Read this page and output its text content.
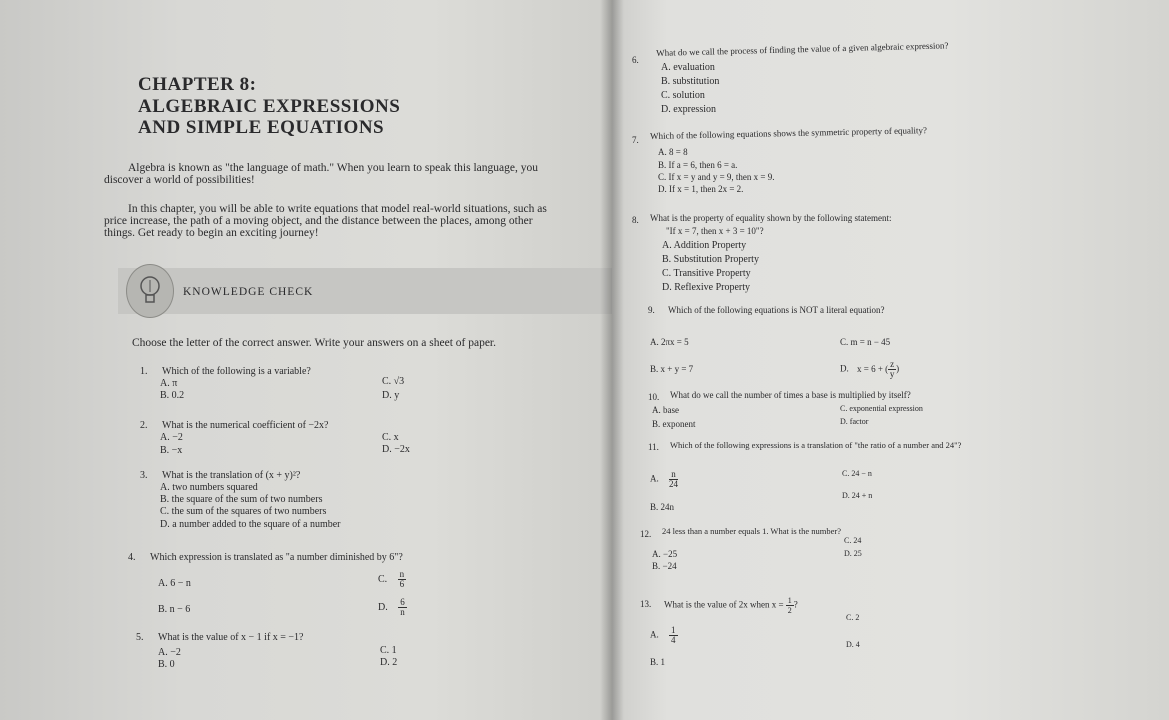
CHAPTER 8:
ALGEBRAIC EXPRESSIONS
AND SIMPLE EQUATIONS
Algebra is known as "the language of math." When you learn to speak this language, you
discover a world of possibilities!
In this chapter, you will be able to write equations that model real-world situations, such as
price increase, the path of a moving object, and the distance between the places, among other
things. Get ready to begin an exciting journey!
KNOWLEDGE CHECK
Choose the letter of the correct answer. Write your answers on a sheet of paper.
1. Which of the following is a variable?
A. π
B. 0.2
C. √3
D. y
2. What is the numerical coefficient of −2x?
A. −2
B. −x
C. x
D. −2x
3. What is the translation of (x + y)²?
A. two numbers squared
B. the square of the sum of two numbers
C. the sum of the squares of two numbers
D. a number added to the square of a number
4. Which expression is translated as "a number diminished by 6"?
A. 6 − n
B. n − 6
C. $\frac{n}{6}$
D. $\frac{6}{n}$
5. What is the value of x − 1 if x = −1?
A. −2
B. 0
C. 1
D. 2
6.
What do we call the process of finding the value of a given algebraic expression?
A. evaluation
B. substitution
C. solution
D. expression
7. Which of the following equations shows the symmetric property of equality?
A. 8 = 8
B. If a = 6, then 6 = a.
C. If x = y and y = 9, then x = 9.
D. If x = 1, then 2x = 2.
8. What is the property of equality shown by the following statement:
"If x = 7, then x + 3 = 10"?
A. Addition Property
B. Substitution Property
C. Transitive Property
D. Reflexive Property
9. Which of the following equations is NOT a literal equation?
A. 2πx = 5
B. x + y = 7
C. m = n − 45
D. x = 6 + ( $\frac{z}{y}$ )
10. What do we call the number of times a base is multiplied by itself?
A. base
B. exponent
C. exponential expression
D. factor
11. Which of the following expressions is a translation of "the ratio of a number and 24"?
A. $\frac{n}{24}$
B. 24n
C. 24 − n
D. 24 + n
12. 24 less than a number equals 1. What is the number?
A. −25
B. −24
C. 24
D. 25
13. What is the value of 2x when $x = \frac{1}{2}$ ?
A. $\frac{1}{4}$
B. 1
C. 2
D. 4
